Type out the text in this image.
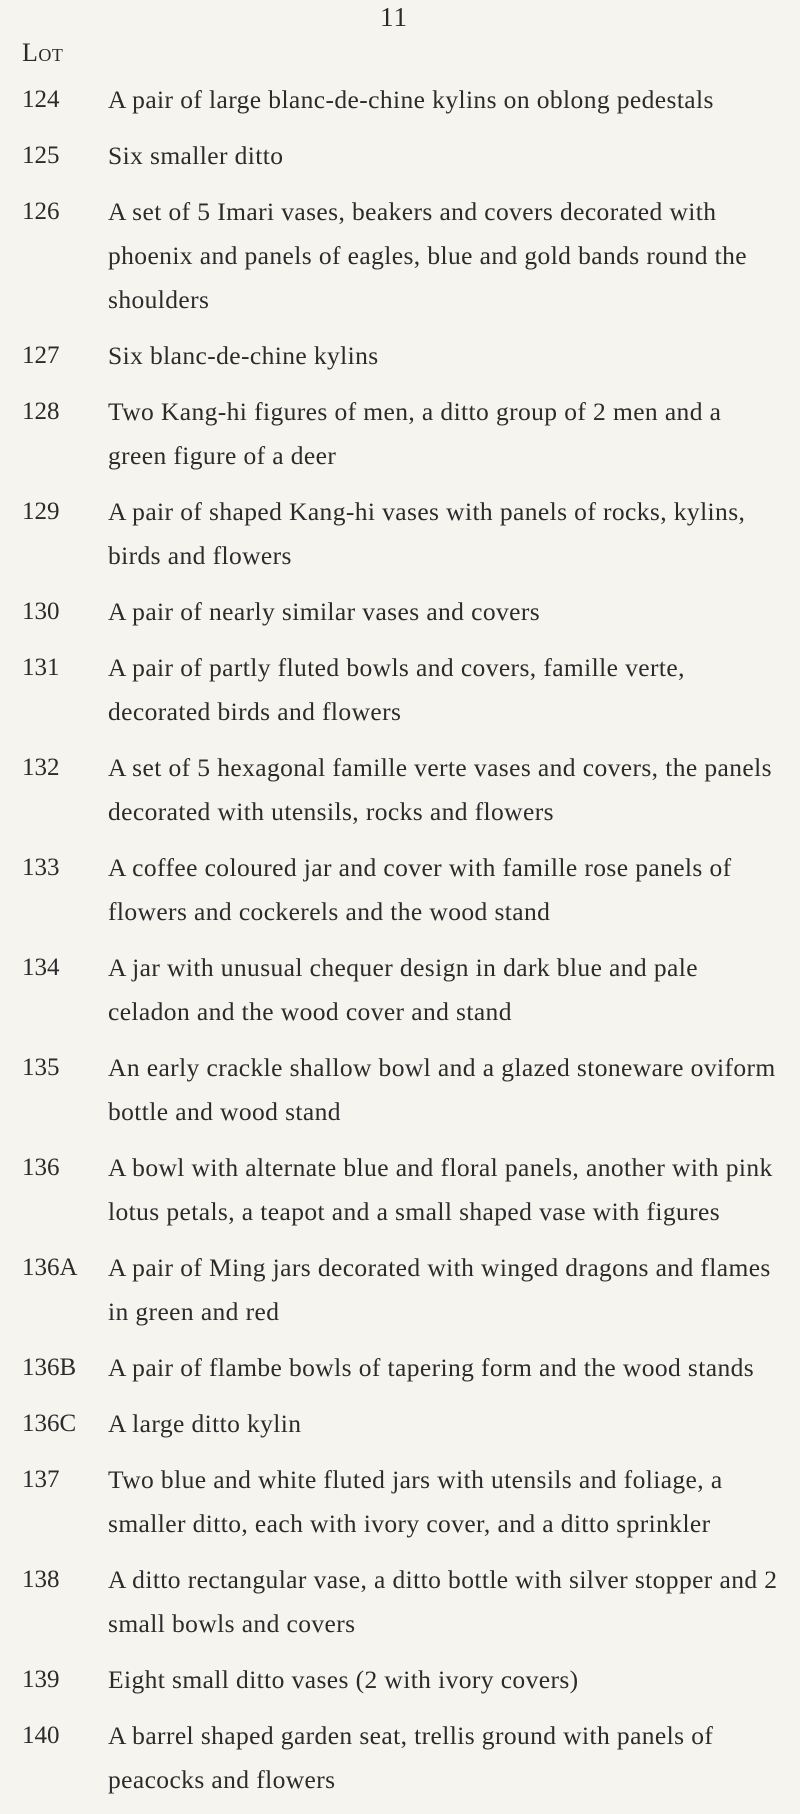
11
Lot
124	A pair of large blanc-de-chine kylins on oblong pedestals
125	Six smaller ditto
126	A set of 5 Imari vases, beakers and covers decorated with phoenix and panels of eagles, blue and gold bands round the shoulders
127	Six blanc-de-chine kylins
128	Two Kang-hi figures of men, a ditto group of 2 men and a green figure of a deer
129	A pair of shaped Kang-hi vases with panels of rocks, kylins, birds and flowers
130	A pair of nearly similar vases and covers
131	A pair of partly fluted bowls and covers, famille verte, decorated birds and flowers
132	A set of 5 hexagonal famille verte vases and covers, the panels decorated with utensils, rocks and flowers
133	A coffee coloured jar and cover with famille rose panels of flowers and cockerels and the wood stand
134	A jar with unusual chequer design in dark blue and pale celadon and the wood cover and stand
135	An early crackle shallow bowl and a glazed stoneware oviform bottle and wood stand
136	A bowl with alternate blue and floral panels, another with pink lotus petals, a teapot and a small shaped vase with figures
136A	A pair of Ming jars decorated with winged dragons and flames in green and red
136B	A pair of flambe bowls of tapering form and the wood stands
136C	A large ditto kylin
137	Two blue and white fluted jars with utensils and foliage, a smaller ditto, each with ivory cover, and a ditto sprinkler
138	A ditto rectangular vase, a ditto bottle with silver stopper and 2 small bowls and covers
139	Eight small ditto vases (2 with ivory covers)
140	A barrel shaped garden seat, trellis ground with panels of peacocks and flowers
